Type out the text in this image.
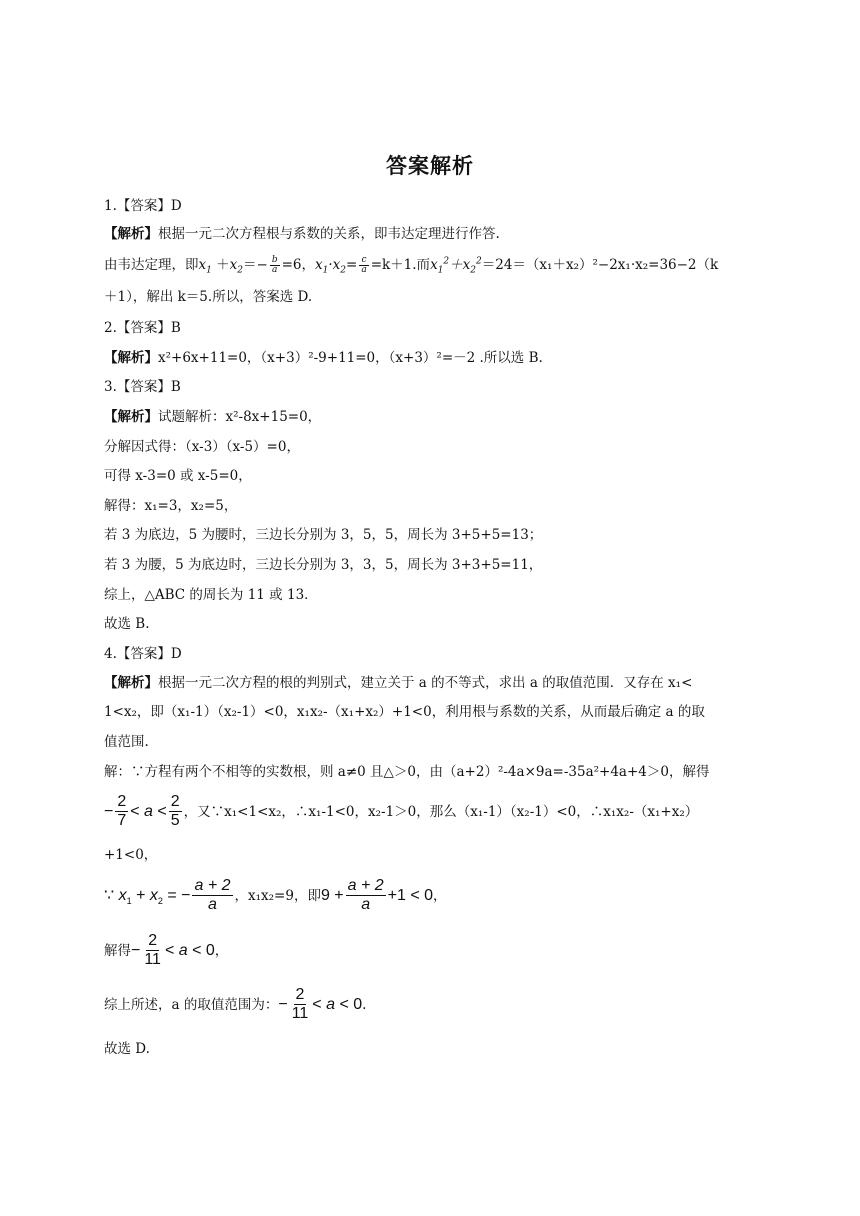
答案解析
1.【答案】D
【解析】根据一元二次方程根与系数的关系，即韦达定理进行作答.
由韦达定理，即$x_1 +x_2=- \frac{b}{a} =6$，$x_1\cdot x_2= \frac{c}{a} =k+1$.而$x_1^2+x_2^2=24=(x_1+x_2)^2-2x_1\cdot x_2=36-2(k$
＋1），解出 k＝5.所以，答案选 D.
2.【答案】B
【解析】x²+6x+11=0，（x+3）²-9+11=0，（x+3）²=－2 .所以选 B.
3.【答案】B
【解析】试题解析：x²-8x+15=0，
分解因式得：（x-3）（x-5）=0，
可得 x-3=0 或 x-5=0，
解得：x₁=3，x₂=5，
若 3 为底边，5 为腰时，三边长分别为 3，5，5，周长为 3+5+5=13；
若 3 为腰，5 为底边时，三边长分别为 3，3，5，周长为 3+3+5=11，
综上，△ABC 的周长为 11 或 13．
故选 B.
4.【答案】D
【解析】根据一元二次方程的根的判别式，建立关于 a 的不等式，求出 a 的取值范围．又存在 x₁<
1<x₂，即（x₁-1）（x₂-1）<0，x₁x₂-（x₁+x₂）+1<0，利用根与系数的关系，从而最后确定 a 的取
值范围.
解：∵方程有两个不相等的实数根，则 a≠0 且△＞0，由（a+2）²-4a×9a=-35a²+4a+4＞0，解得
− $\frac{2}{7} < a < \frac{2}{5}$ ，又∵x₁<1<x₂，∴x₁-1<0，x₂-1＞0，那么（x₁-1）（x₂-1）<0，∴x₁x₂-（x₁+x₂）
+1<0，
∵ $x_1 + x_2$ = − $\frac{a + 2}{a}$ ，x₁x₂=9，即$9 + \frac{a + 2}{a} +1 < 0$，
解得− $\frac{2}{11} < a < 0$，
综上所述，a 的取值范围为：− $\frac{2}{11} < a < 0$.
故选 D.
